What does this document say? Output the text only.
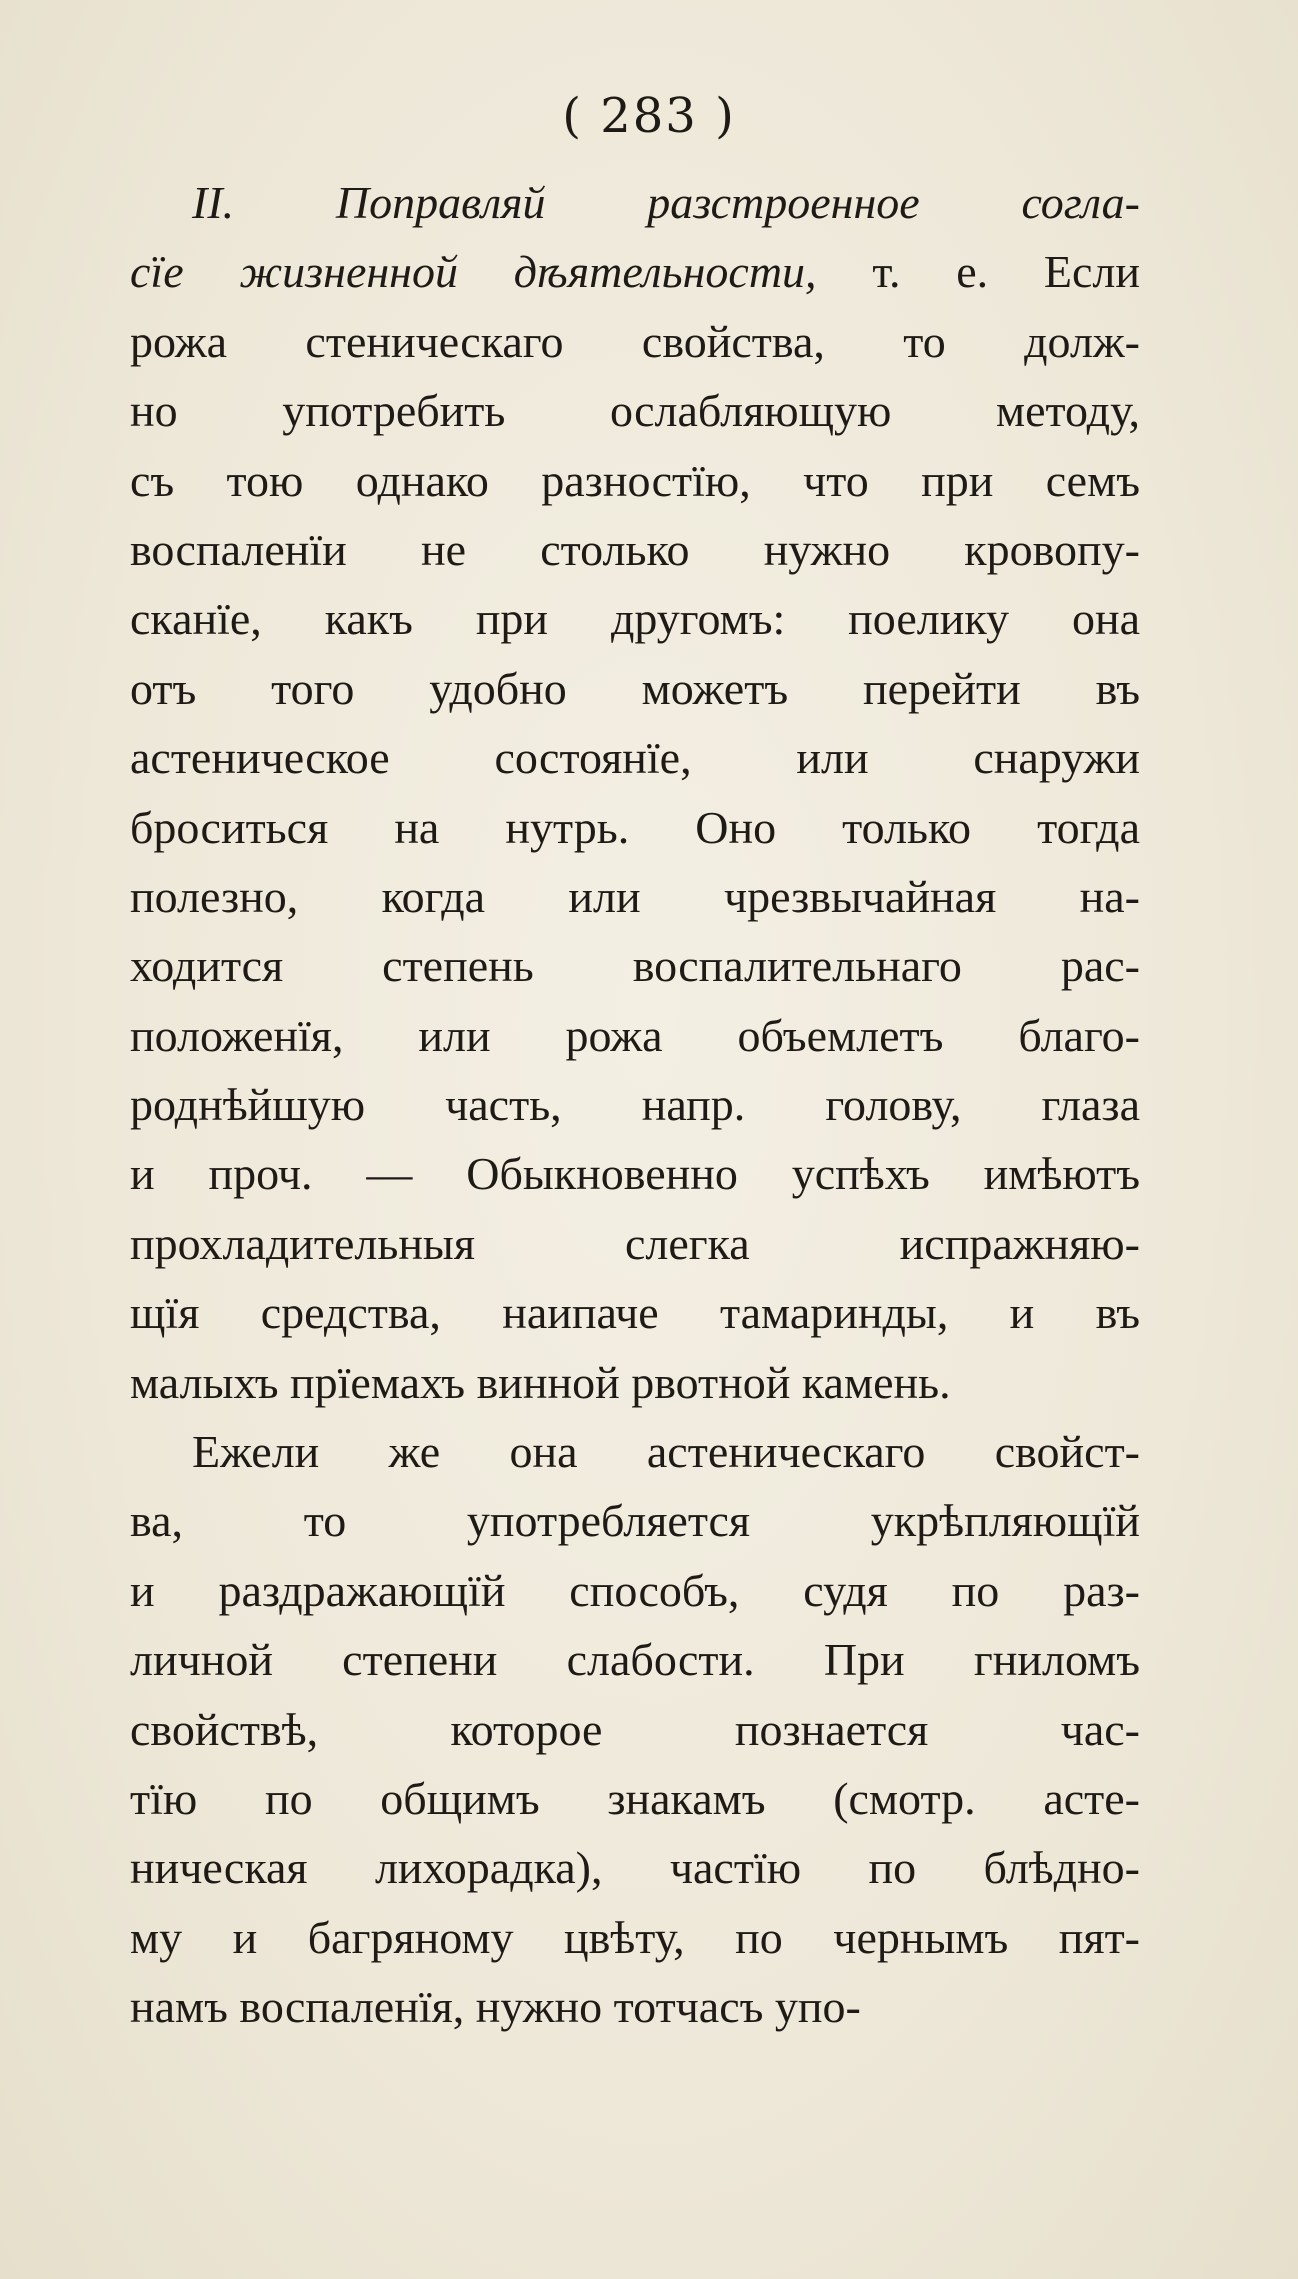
( 283 )
II. Поправляй разстроенное согла-
сїе жизненной дѣятельности, т. е. Если
рожа стеническаго свойства, то долж-
но употребить ослабляющую методу,
съ тою однако разностїю, что при семъ
воспаленїи не столько нужно кровопу-
сканїе, какъ при другомъ: поелику она
отъ того удобно можетъ перейти въ
астеническое состоянїе, или снаружи
броситься на нутрь. Оно только тогда
полезно, когда или чрезвычайная на-
ходится степень воспалительнаго рас-
положенїя, или рожа объемлетъ благо-
роднѣйшую часть, напр. голову, глаза
и проч. — Обыкновенно успѣхъ имѣютъ
прохладительныя слегка испражняю-
щїя средства, наипаче тамаринды, и въ
малыхъ прїемахъ винной рвотной камень.
Ежели же она астеническаго свойст-
ва, то употребляется укрѣпляющїй
и раздражающїй способъ, судя по раз-
личной степени слабости. При гниломъ
свойствѣ, которое познается час-
тїю по общимъ знакамъ (смотр. асте-
ническая лихорадка), частїю по блѣдно-
му и багряному цвѣту, по чернымъ пят-
намъ воспаленїя, нужно тотчасъ упо-
